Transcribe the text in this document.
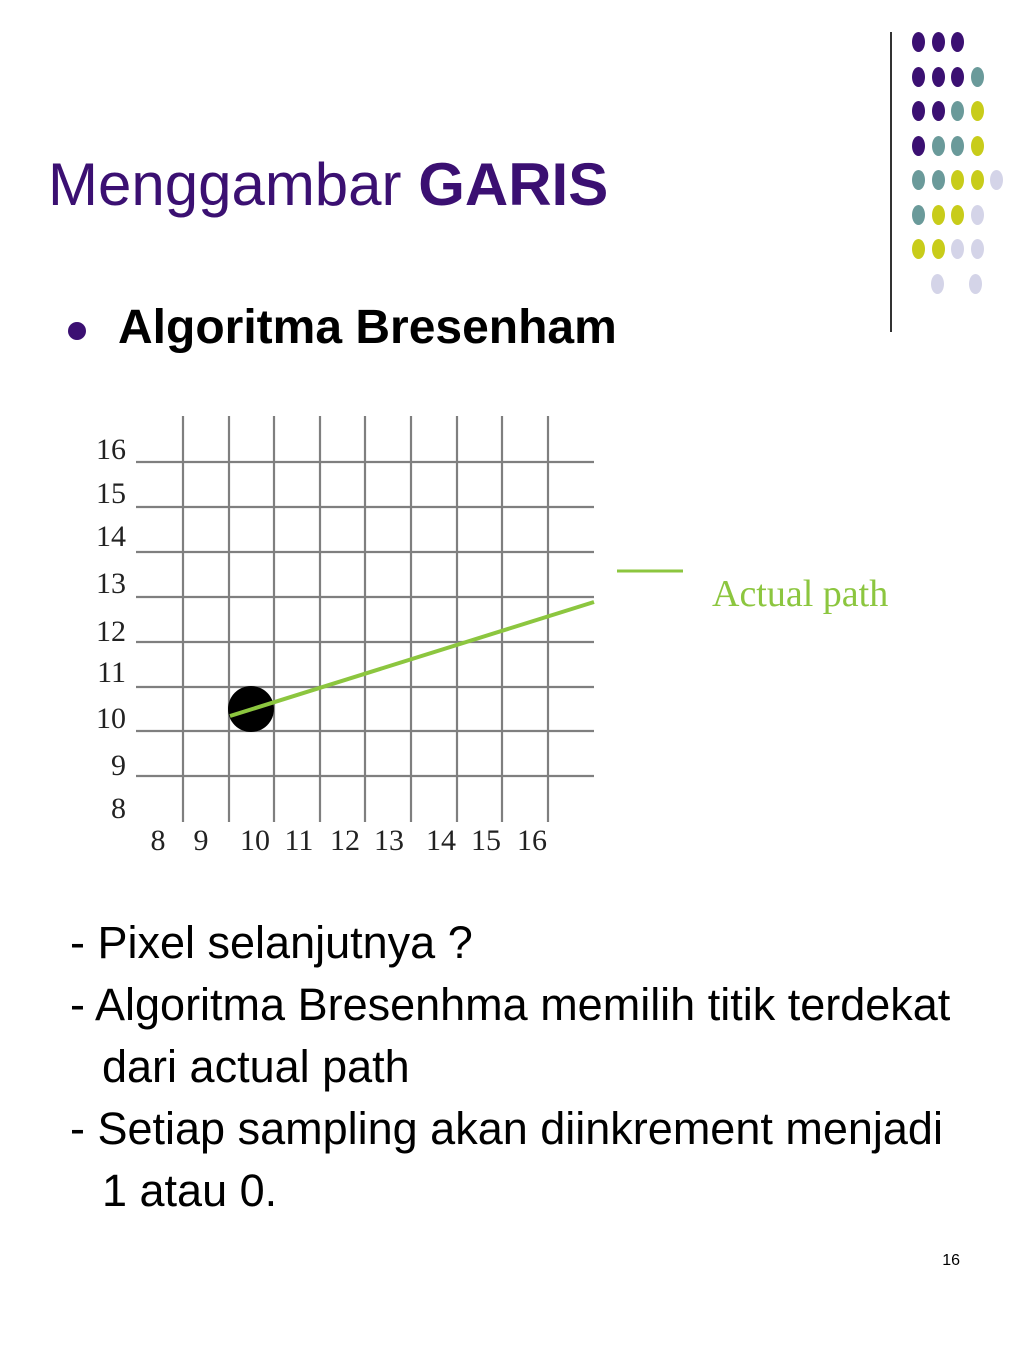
Menggambar GARIS
Algoritma Bresenham
8 9 10 11 12 13 14 15 16
16
15
14
13
12
11
10
9
8
Actual path
- Pixel selanjutnya ?
- Algoritma Bresenhma memilih titik terdekat dari actual path
- Setiap sampling akan diinkrement menjadi 1 atau 0.
16
